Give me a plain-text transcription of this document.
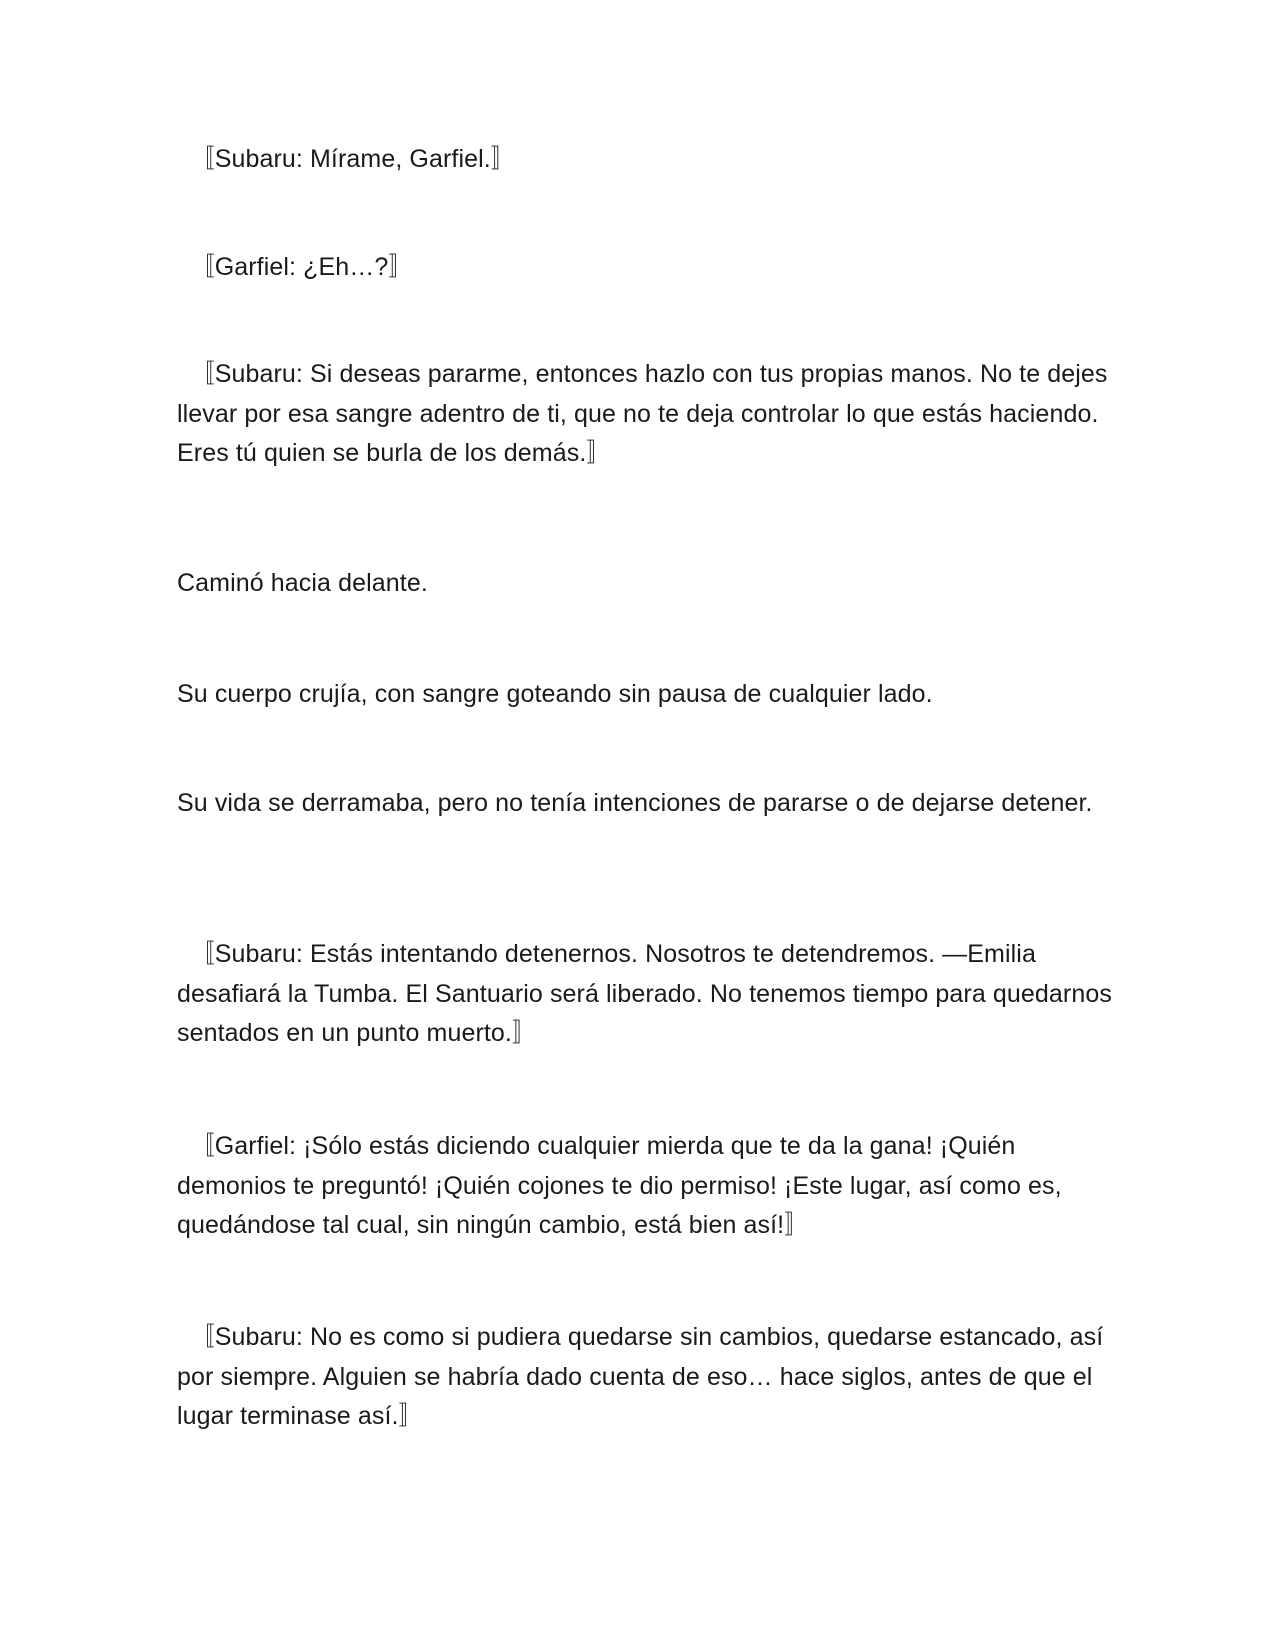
　〚Subaru: Mírame, Garfiel.〛

　〚Garfiel: ¿Eh…?〛

　〚Subaru: Si deseas pararme, entonces hazlo con tus propias manos. No te dejes llevar por esa sangre adentro de ti, que no te deja controlar lo que estás haciendo. Eres tú quien se burla de los demás.〛

Caminó hacia delante.

Su cuerpo crujía, con sangre goteando sin pausa de cualquier lado.

Su vida se derramaba, pero no tenía intenciones de pararse o de dejarse detener.

　〚Subaru: Estás intentando detenernos. Nosotros te detendremos. —Emilia desafiará la Tumba. El Santuario será liberado. No tenemos tiempo para quedarnos sentados en un punto muerto.〛

　〚Garfiel: ¡Sólo estás diciendo cualquier mierda que te da la gana! ¡Quién demonios te preguntó! ¡Quién cojones te dio permiso! ¡Este lugar, así como es, quedándose tal cual, sin ningún cambio, está bien así!〛

　〚Subaru: No es como si pudiera quedarse sin cambios, quedarse estancado, así por siempre. Alguien se habría dado cuenta de eso… hace siglos, antes de que el lugar terminase así.〛
